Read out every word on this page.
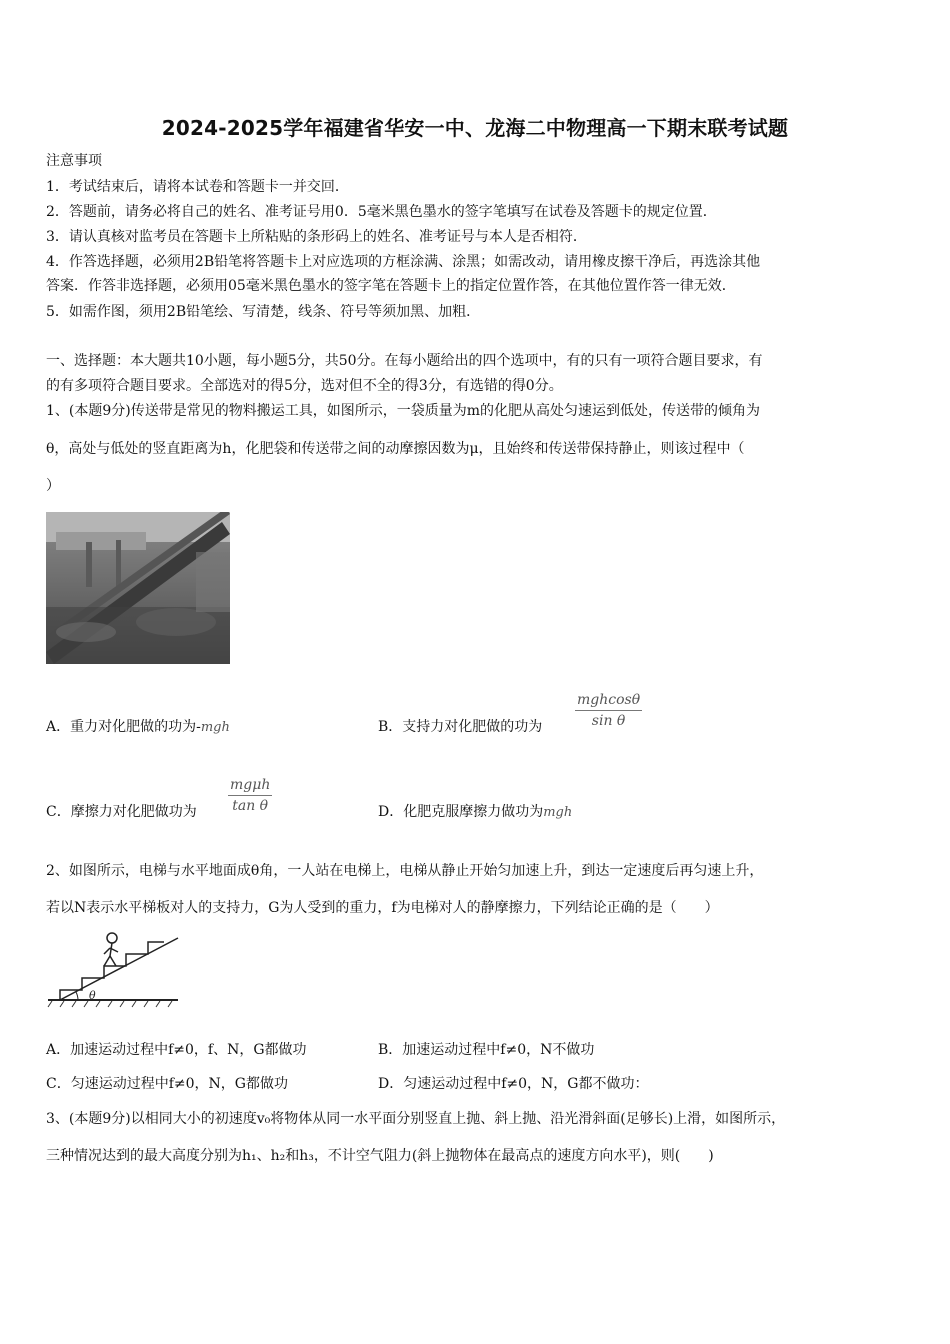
2024-2025学年福建省华安一中、龙海二中物理高一下期末联考试题
注意事项
1．考试结束后，请将本试卷和答题卡一并交回．
2．答题前，请务必将自己的姓名、准考证号用0．5毫米黑色墨水的签字笔填写在试卷及答题卡的规定位置．
3．请认真核对监考员在答题卡上所粘贴的条形码上的姓名、准考证号与本人是否相符．
4．作答选择题，必须用2B铅笔将答题卡上对应选项的方框涂满、涂黑；如需改动，请用橡皮擦干净后，再选涂其他
答案．作答非选择题，必须用05毫米黑色墨水的签字笔在答题卡上的指定位置作答，在其他位置作答一律无效．
5．如需作图，须用2B铅笔绘、写清楚，线条、符号等须加黑、加粗．
一、选择题：本大题共10小题，每小题5分，共50分。在每小题给出的四个选项中，有的只有一项符合题目要求，有
的有多项符合题目要求。全部选对的得5分，选对但不全的得3分，有选错的得0分。
1、(本题9分)传送带是常见的物料搬运工具，如图所示，一袋质量为m的化肥从高处匀速运到低处，传送带的倾角为
θ，高处与低处的竖直距离为h，化肥袋和传送带之间的动摩擦因数为μ，且始终和传送带保持静止，则该过程中（
）
A．重力对化肥做的功为-mgh	B．支持力对化肥做的功为
mghcosθ
sin θ
C．摩擦力对化肥做功为
mgμh
tan θ	D．化肥克服摩擦力做功为mgh
2、如图所示，电梯与水平地面成θ角，一人站在电梯上，电梯从静止开始匀加速上升，到达一定速度后再匀速上升，
若以N表示水平梯板对人的支持力，G为人受到的重力，f为电梯对人的静摩擦力，下列结论正确的是（　　）
θ
A．加速运动过程中f≠0，f、N，G都做功	B．加速运动过程中f≠0，N不做功
C．匀速运动过程中f≠0，N，G都做功	D．匀速运动过程中f≠0，N，G都不做功：
3、(本题9分)以相同大小的初速度v₀将物体从同一水平面分别竖直上抛、斜上抛、沿光滑斜面(足够长)上滑，如图所示，
三种情况达到的最大高度分别为h₁、h₂和h₃，不计空气阻力(斜上抛物体在最高点的速度方向水平)，则(　　)
